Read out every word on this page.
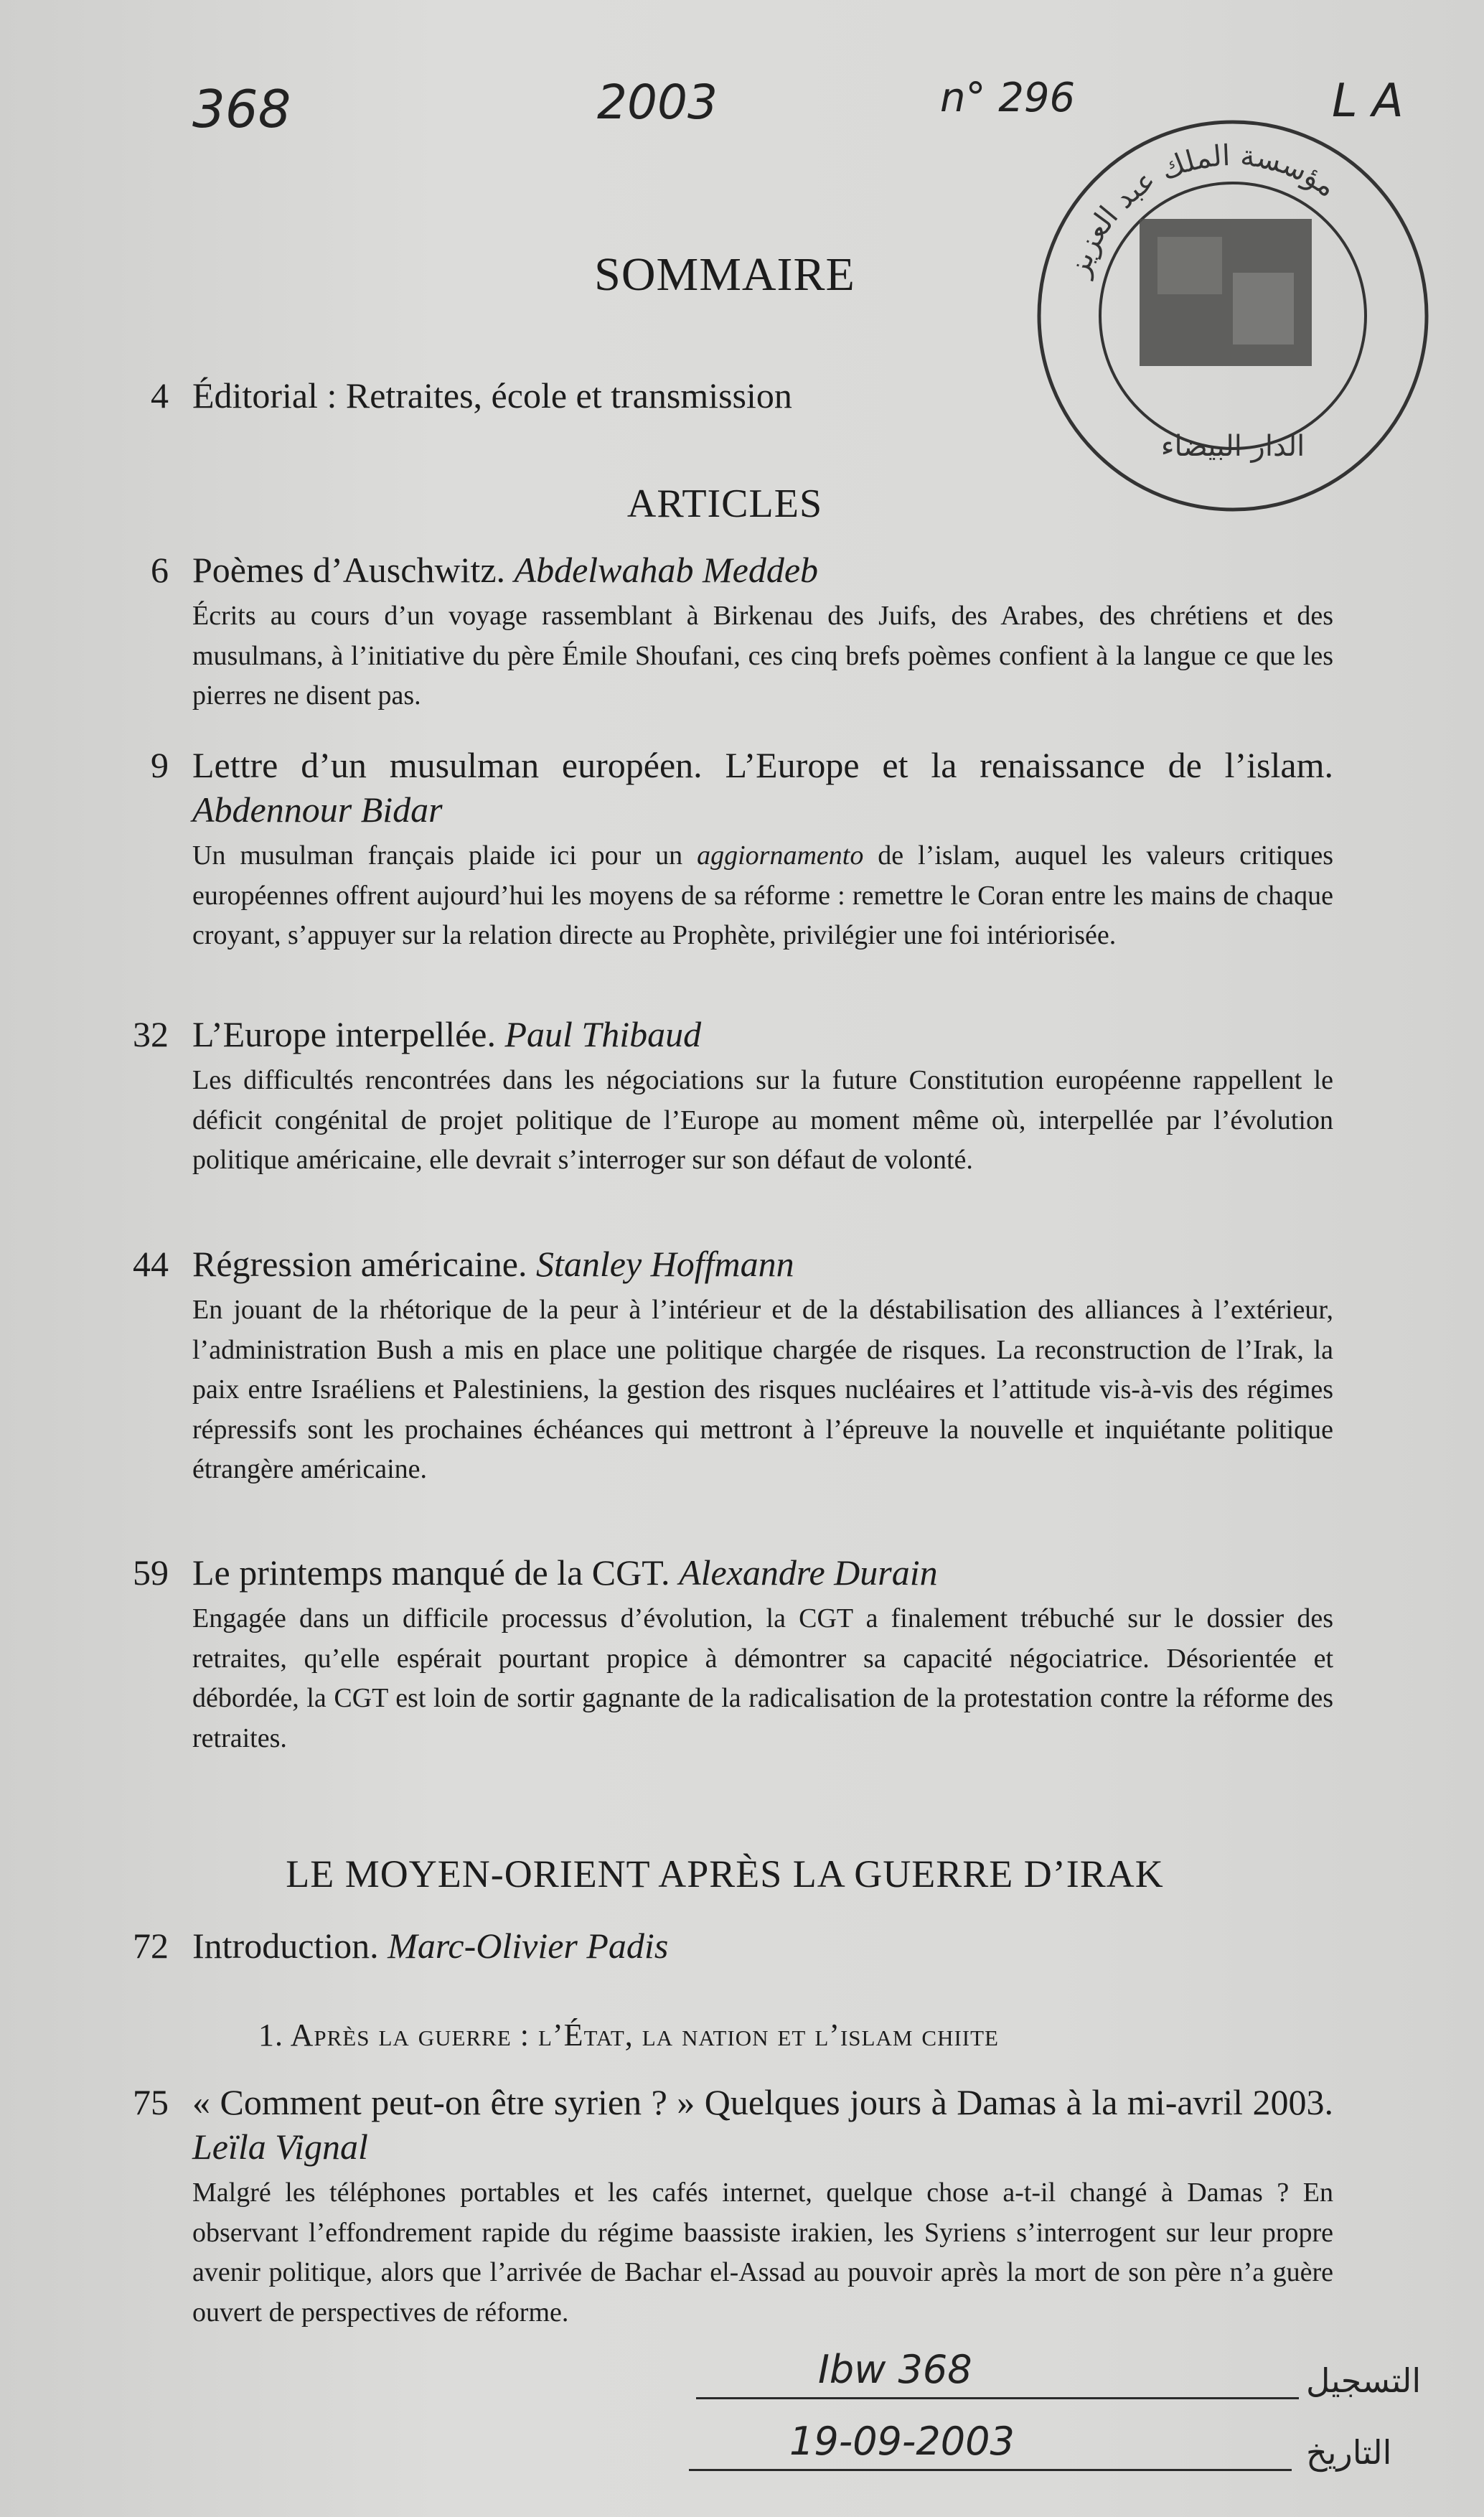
368	2003	n° 296	L A
مؤسسة الملك عبد العزيز
الدار البيضاء
SOMMAIRE
4 Éditorial : Retraites, école et transmission
ARTICLES
6 Poèmes d’Auschwitz. Abdelwahab Meddeb
Écrits au cours d’un voyage rassemblant à Birkenau des Juifs, des Arabes, des chrétiens et des musulmans, à l’initiative du père Émile Shoufani, ces cinq brefs poèmes confient à la langue ce que les pierres ne disent pas.
9 Lettre d’un musulman européen. L’Europe et la renaissance de l’islam. Abdennour Bidar
Un musulman français plaide ici pour un aggiornamento de l’islam, auquel les valeurs critiques européennes offrent aujourd’hui les moyens de sa réforme : remettre le Coran entre les mains de chaque croyant, s’appuyer sur la relation directe au Prophète, privilégier une foi intériorisée.
32 L’Europe interpellée. Paul Thibaud
Les difficultés rencontrées dans les négociations sur la future Constitution européenne rappellent le déficit congénital de projet politique de l’Europe au moment même où, interpellée par l’évolution politique américaine, elle devrait s’interroger sur son défaut de volonté.
44 Régression américaine. Stanley Hoffmann
En jouant de la rhétorique de la peur à l’intérieur et de la déstabilisation des alliances à l’extérieur, l’administration Bush a mis en place une politique chargée de risques. La reconstruction de l’Irak, la paix entre Israéliens et Palestiniens, la gestion des risques nucléaires et l’attitude vis-à-vis des régimes répressifs sont les prochaines échéances qui mettront à l’épreuve la nouvelle et inquiétante politique étrangère américaine.
59 Le printemps manqué de la CGT. Alexandre Durain
Engagée dans un difficile processus d’évolution, la CGT a finalement trébuché sur le dossier des retraites, qu’elle espérait pourtant propice à démontrer sa capacité négociatrice. Désorientée et débordée, la CGT est loin de sortir gagnante de la radicalisation de la protestation contre la réforme des retraites.
LE MOYEN-ORIENT APRÈS LA GUERRE D’IRAK
72 Introduction. Marc-Olivier Padis
1. Après la guerre : l’État, la nation et l’islam chiite
75 « Comment peut-on être syrien ? » Quelques jours à Damas à la mi-avril 2003. Leïla Vignal
Malgré les téléphones portables et les cafés internet, quelque chose a-t-il changé à Damas ? En observant l’effondrement rapide du régime baassiste irakien, les Syriens s’interrogent sur leur propre avenir politique, alors que l’arrivée de Bachar el-Assad au pouvoir après la mort de son père n’a guère ouvert de perspectives de réforme.
Ibw 368	التسجيل
19-09-2003	التاريخ
